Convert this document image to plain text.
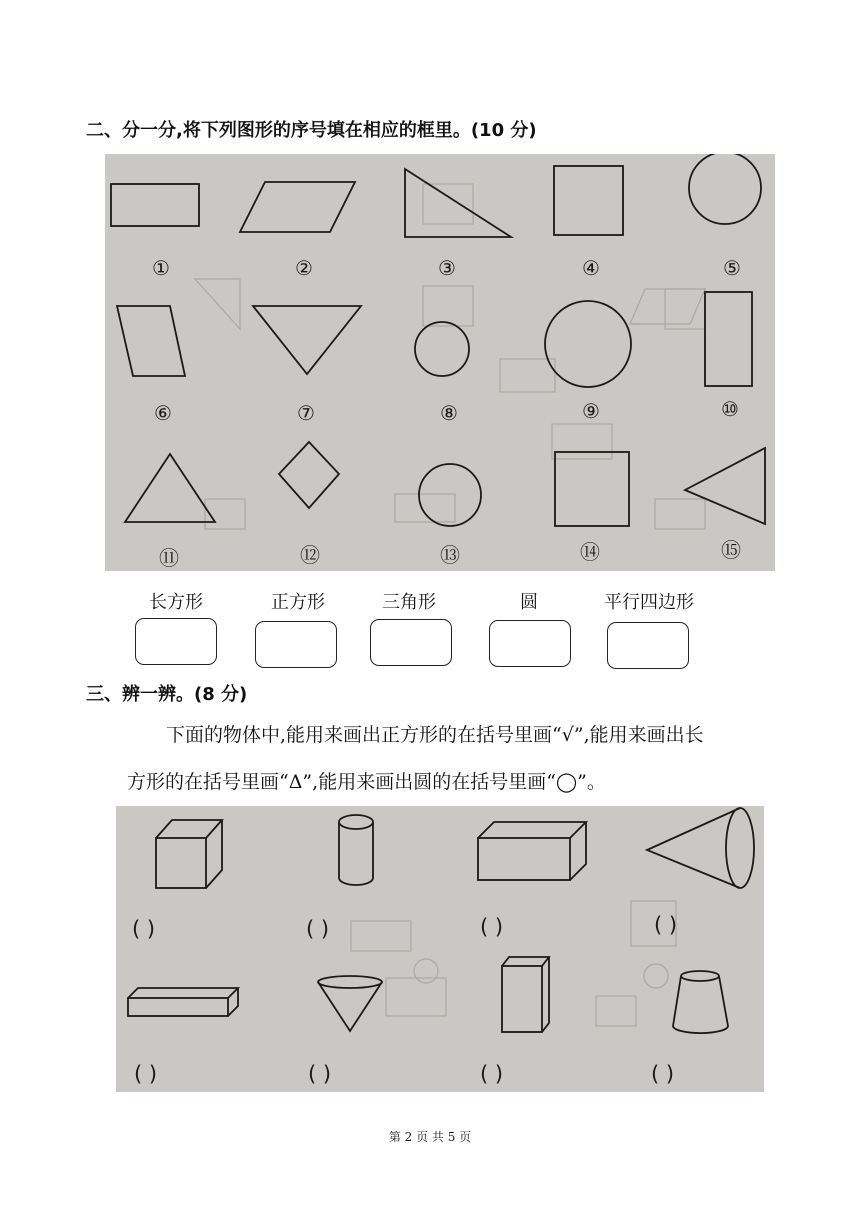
二、分一分,将下列图形的序号填在相应的框里。(10 分)
①	②	③	④	⑤
⑥	⑦	⑧	⑨	⑩
⑪	⑫	⑬	⑭	⑮
长方形	正方形	三角形	圆	平行四边形
三、辨一辨。(8 分)
下面的物体中,能用来画出正方形的在括号里画“√”,能用来画出长
方形的在括号里画“Δ”,能用来画出圆的在括号里画“◯”。
( )	( )	( )	( )
( )	( )	( )	( )
第 2 页 共 5 页
